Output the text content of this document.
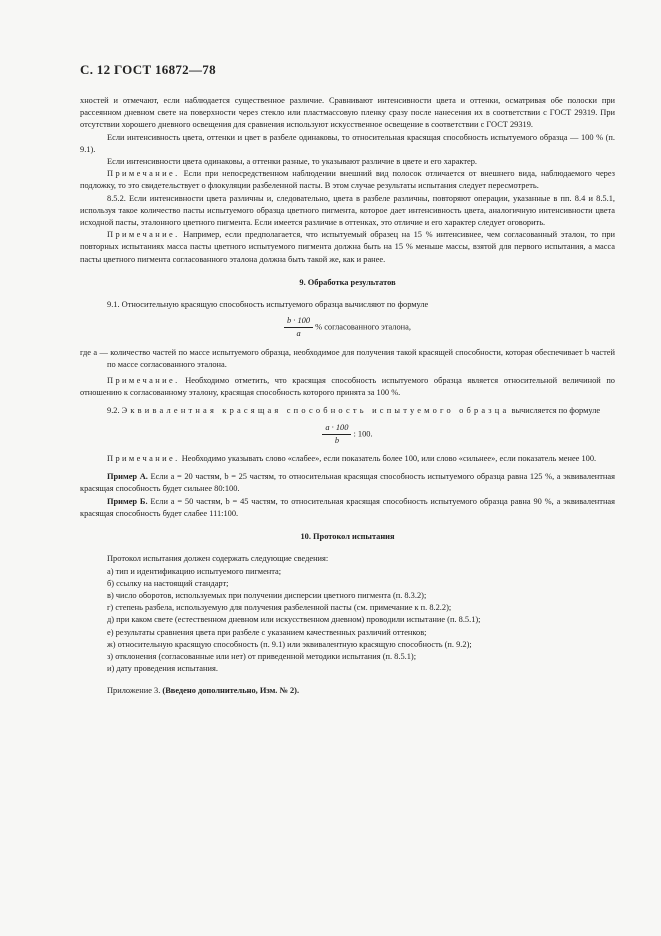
С. 12 ГОСТ 16872—78

хностей и отмечают, если наблюдается существенное различие. Сравнивают интенсивности цвета и оттенки, осматривая обе полоски при рассеянном дневном свете на поверхности через стекло или пластмассовую пленку сразу после нанесения их в соответствии с ГОСТ 29319. При отсутствии хорошего дневного освещения для сравнения используют искусственное освещение в соответствии с ГОСТ 29319.

Если интенсивность цвета, оттенки и цвет в разбеле одинаковы, то относительная красящая способность испытуемого образца — 100 % (п. 9.1).

Если интенсивности цвета одинаковы, а оттенки разные, то указывают различие в цвете и его характер.

Примечание. Если при непосредственном наблюдении внешний вид полосок отличается от внешнего вида, наблюдаемого через подложку, то это свидетельствует о флокуляции разбеленной пасты. В этом случае результаты испытания следует пересмотреть.

8.5.2. Если интенсивности цвета различны и, следовательно, цвета в разбеле различны, повторяют операции, указанные в пп. 8.4 и 8.5.1, используя такое количество пасты испытуемого образца цветного пигмента, которое дает интенсивность цвета, аналогичную интенсивности цвета исходной пасты, эталонного цветного пигмента. Если имеется различие в оттенках, это отличие и его характер следует оговорить.

Примечание. Например, если предполагается, что испытуемый образец на 15 % интенсивнее, чем согласованный эталон, то при повторных испытаниях масса пасты цветного испытуемого пигмента должна быть на 15 % меньше массы, взятой для первого испытания, а масса пасты цветного пигмента согласованного эталона должна быть такой же, как и ранее.

9. Обработка результатов

9.1. Относительную красящую способность испытуемого образца вычисляют по формуле

$\frac{b \cdot 100}{a}$ % согласованного эталона,

где a — количество частей по массе испытуемого образца, необходимое для получения такой красящей способности, которая обеспечивает b частей по массе согласованного эталона.

Примечание. Необходимо отметить, что красящая способность испытуемого образца является относительной величиной по отношению к согласованному эталону, красящая способность которого принята за 100 %.

9.2. Эквивалентная красящая способность испытуемого образца вычисляется по формуле

$\frac{a \cdot 100}{b}$ : 100.

Примечание. Необходимо указывать слово «слабее», если показатель более 100, или слово «сильнее», если показатель менее 100.

Пример А. Если a = 20 частям, b = 25 частям, то относительная красящая способность испытуемого образца равна 125 %, а эквивалентная красящая способность будет сильнее 80:100.

Пример Б. Если a = 50 частям, b = 45 частям, то относительная красящая способность испытуемого образца равна 90 %, а эквивалентная красящая способность будет слабее 111:100.

10. Протокол испытания

Протокол испытания должен содержать следующие сведения:

а) тип и идентификацию испытуемого пигмента;

б) ссылку на настоящий стандарт;

в) число оборотов, используемых при получении дисперсии цветного пигмента (п. 8.3.2);

г) степень разбела, используемую для получения разбеленной пасты (см. примечание к п. 8.2.2);

д) при каком свете (естественном дневном или искусственном дневном) проводили испытание (п. 8.5.1);

е) результаты сравнения цвета при разбеле с указанием качественных различий оттенков;

ж) относительную красящую способность (п. 9.1) или эквивалентную красящую способность (п. 9.2);

з) отклонения (согласованные или нет) от приведенной методики испытания (п. 8.5.1);

и) дату проведения испытания.

Приложение 3. (Введено дополнительно, Изм. № 2).
